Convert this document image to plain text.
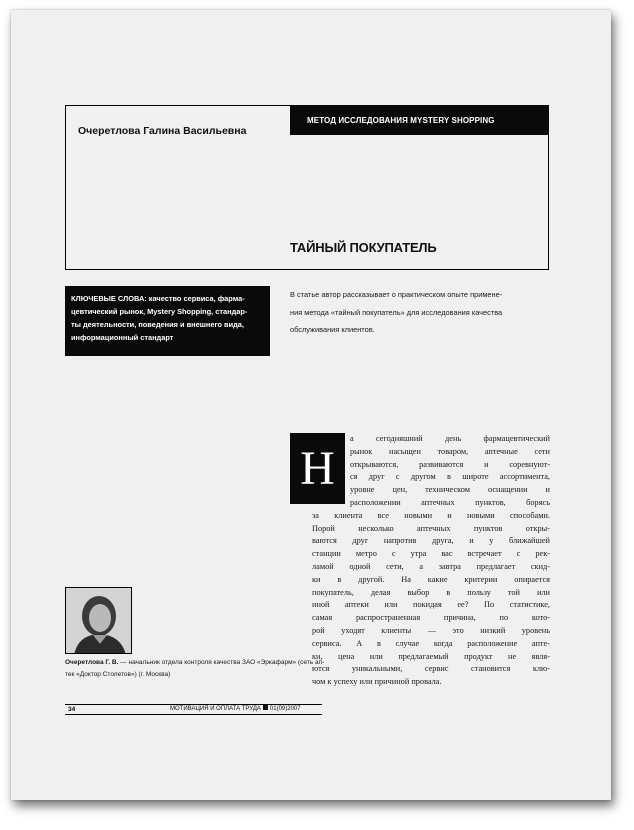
Очеретлова Галина Васильевна
МЕТОД ИССЛЕДОВАНИЯ MYSTERY SHOPPING
ТАЙНЫЙ ПОКУПАТЕЛЬ
КЛЮЧЕВЫЕ СЛОВА: качество сервиса, фарма-
цевтический рынок, Mystery Shopping, стандар-
ты деятельности, поведения и внешнего вида,
информационный стандарт
В статье автор рассказывает о практическом опыте примене-
ния метода «тайный покупатель» для исследования качества
обслуживания клиентов.
Н
а сегодняшний день фармацевтический
рынок насыщен товаром, аптечные сети
открываются, развиваются и соревнуют-
ся друг с другом в широте ассортимента,
уровне цен, техническом оснащении и
расположении аптечных пунктов, борясь
за клиента все новыми и новыми способами.
Порой несколько аптечных пунктов откры-
ваются друг напротив друга, и у ближайшей
станции метро с утра вас встречает с рек-
ламой одной сети, а завтра предлагает скид-
ки в другой. На какие критерии опирается
покупатель, делая выбор в пользу той или
иной аптеки или покидая ее? По статистике,
самая распространенная причина, по кото-
рой уходят клиенты — это низкий уровень
сервиса. А в случае когда расположение апте-
ки, цена или предлагаемый продукт не явля-
ются уникальными, сервис становится клю-
чом к успеху или причиной провала.
Очеретлова Г. В. — начальник отдела контроля качества ЗАО «Эркафарм» (сеть ап-
тек «Доктор Столетов») (г. Москва)
34	МОТИВАЦИЯ И ОПЛАТА ТРУДА 01(09)2007
